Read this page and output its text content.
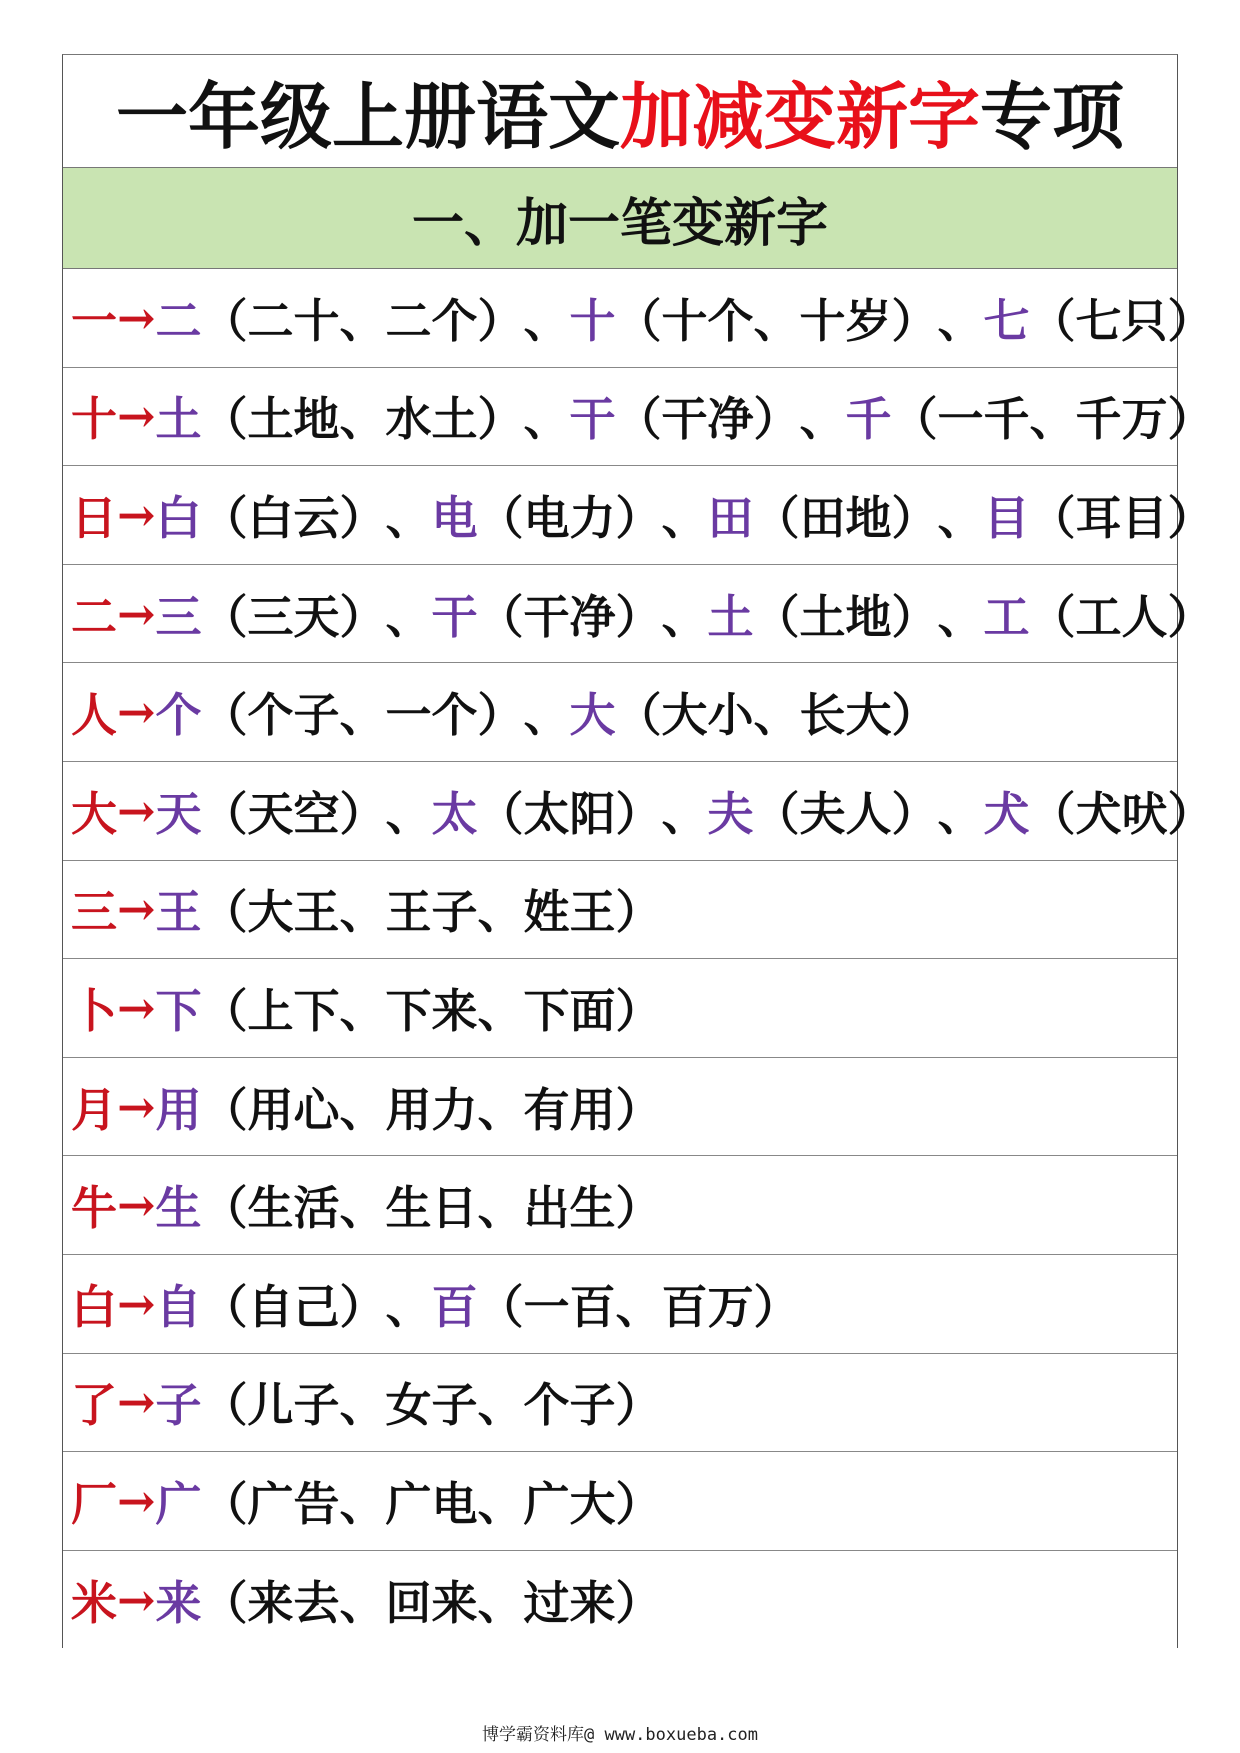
一年级上册语文 加减变新字 专项
一、加一笔变新字
一 → 二 （二十、二个） 、 十 （十个、十岁） 、 七 （七只）
十 → 土 （土地、水土） 、 干 （干净） 、 千 （一千、千万）
日 → 白 （白云） 、 电 （电力） 、 田 （田地） 、 目 （耳目）
二 → 三 （三天） 、 干 （干净） 、 土 （土地） 、 工 （工人）
人 → 个 （个子、一个） 、 大 （大小、长大）
大 → 天 （天空） 、 太 （太阳） 、 夫 （夫人） 、 犬 （犬吠）
三 → 王 （大王、王子、姓王）
卜 → 下 （上下、下来、下面）
月 → 用 （用心、用力、有用）
牛 → 生 （生活、生日、出生）
白 → 自 （自己） 、 百 （一百、百万）
了 → 子 （儿子、女子、个子）
厂 → 广 （广告、广电、广大）
米 → 来 （来去、回来、过来）
博学霸资料库@ www.boxueba.com
